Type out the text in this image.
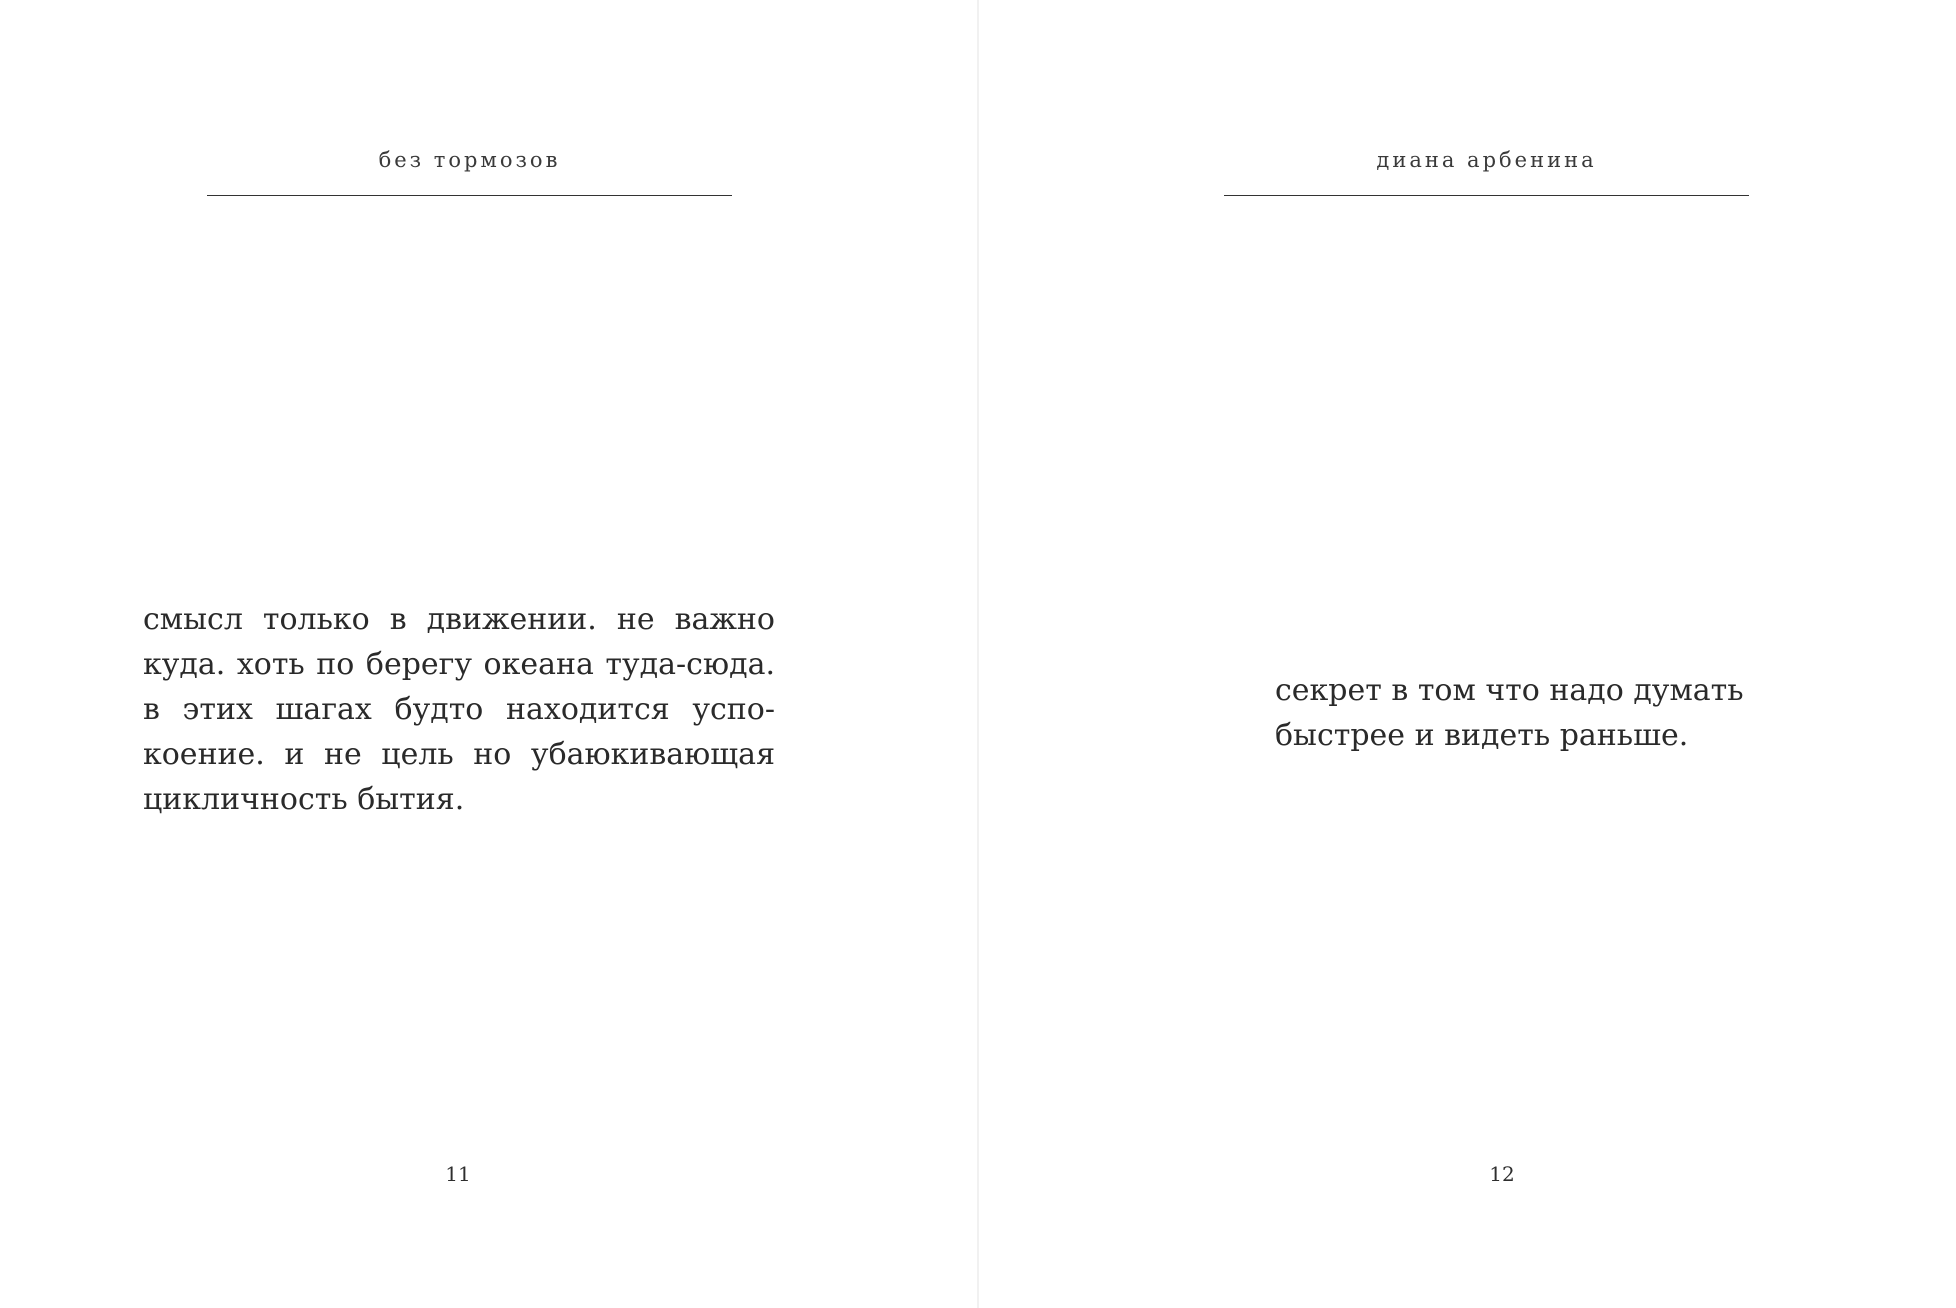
без тормозов
смысл только в движении. не важно
куда. хоть по берегу океана туда-сюда.
в этих шагах будто находится успо-
коение. и не цель но убаюкивающая
цикличность бытия.
11
диана арбенина
секрет в том что надо думать
быстрее и видеть раньше.
12
